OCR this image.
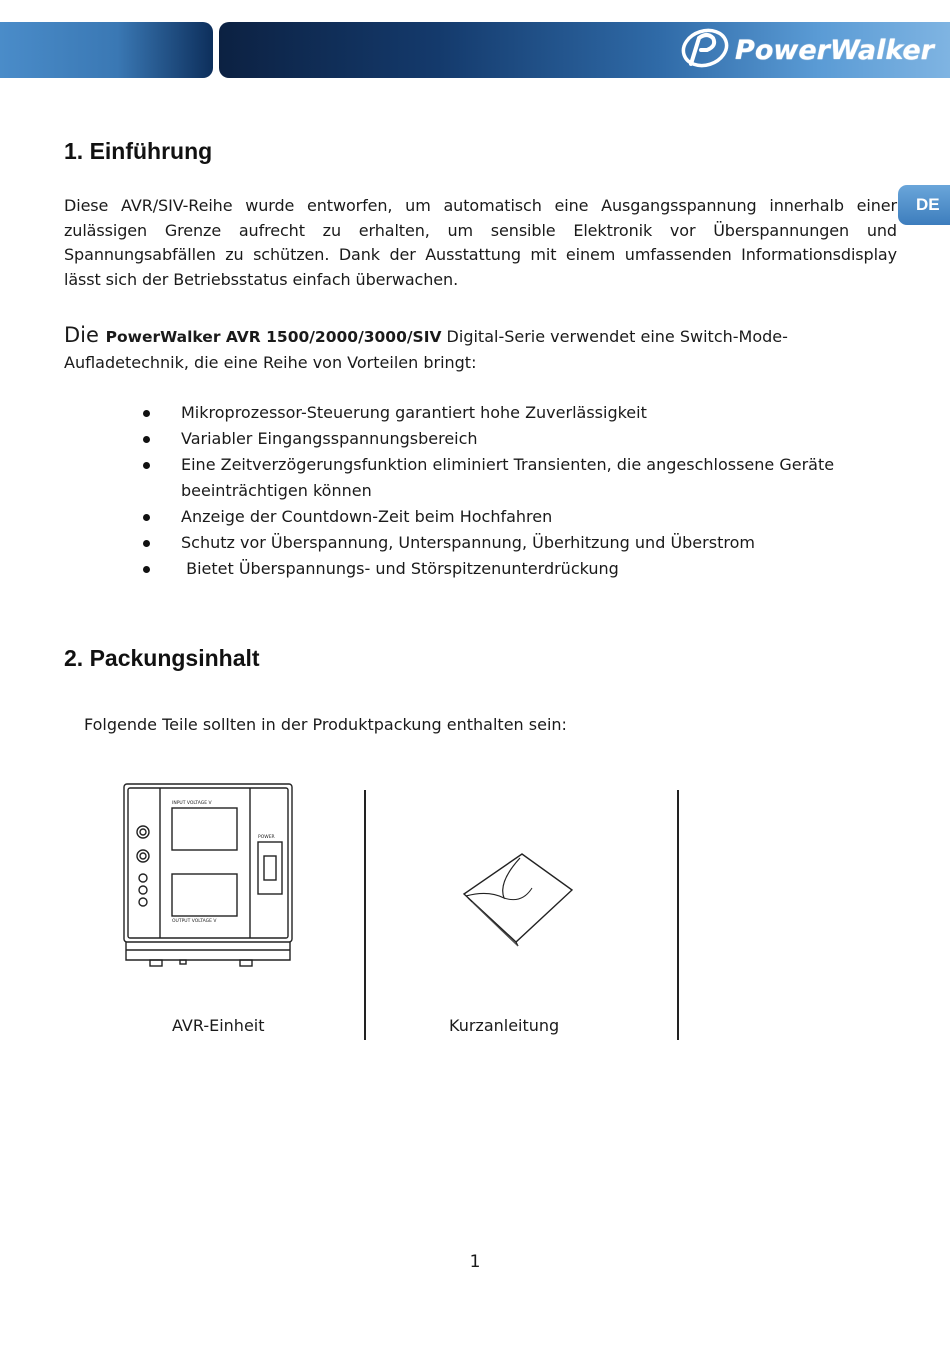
PowerWalker
DE
1. Einführung

Diese AVR/SIV-Reihe wurde entworfen, um automatisch eine Ausgangsspannung innerhalb einer zulässigen Grenze aufrecht zu erhalten, um sensible Elektronik vor Überspannungen und Spannungsabfällen zu schützen. Dank der Ausstattung mit einem umfassenden Informationsdisplay lässt sich der Betriebsstatus einfach überwachen.

Die PowerWalker AVR 1500/2000/3000/SIV Digital-Serie verwendet eine Switch-Mode-Aufladetechnik, die eine Reihe von Vorteilen bringt:

Mikroprozessor-Steuerung garantiert hohe Zuverlässigkeit
Variabler Eingangsspannungsbereich
Eine Zeitverzögerungsfunktion eliminiert Transienten, die angeschlossene Geräte beeinträchtigen können
Anzeige der Countdown-Zeit beim Hochfahren
Schutz vor Überspannung, Unterspannung, Überhitzung und Überstrom
Bietet Überspannungs- und Störspitzenunterdrückung
2. Packungsinhalt
Folgende Teile sollten in der Produktpackung enthalten sein:
INPUT VOLTAGE V
OUTPUT VOLTAGE V
POWER
AVR-Einheit	Kurzanleitung
1
